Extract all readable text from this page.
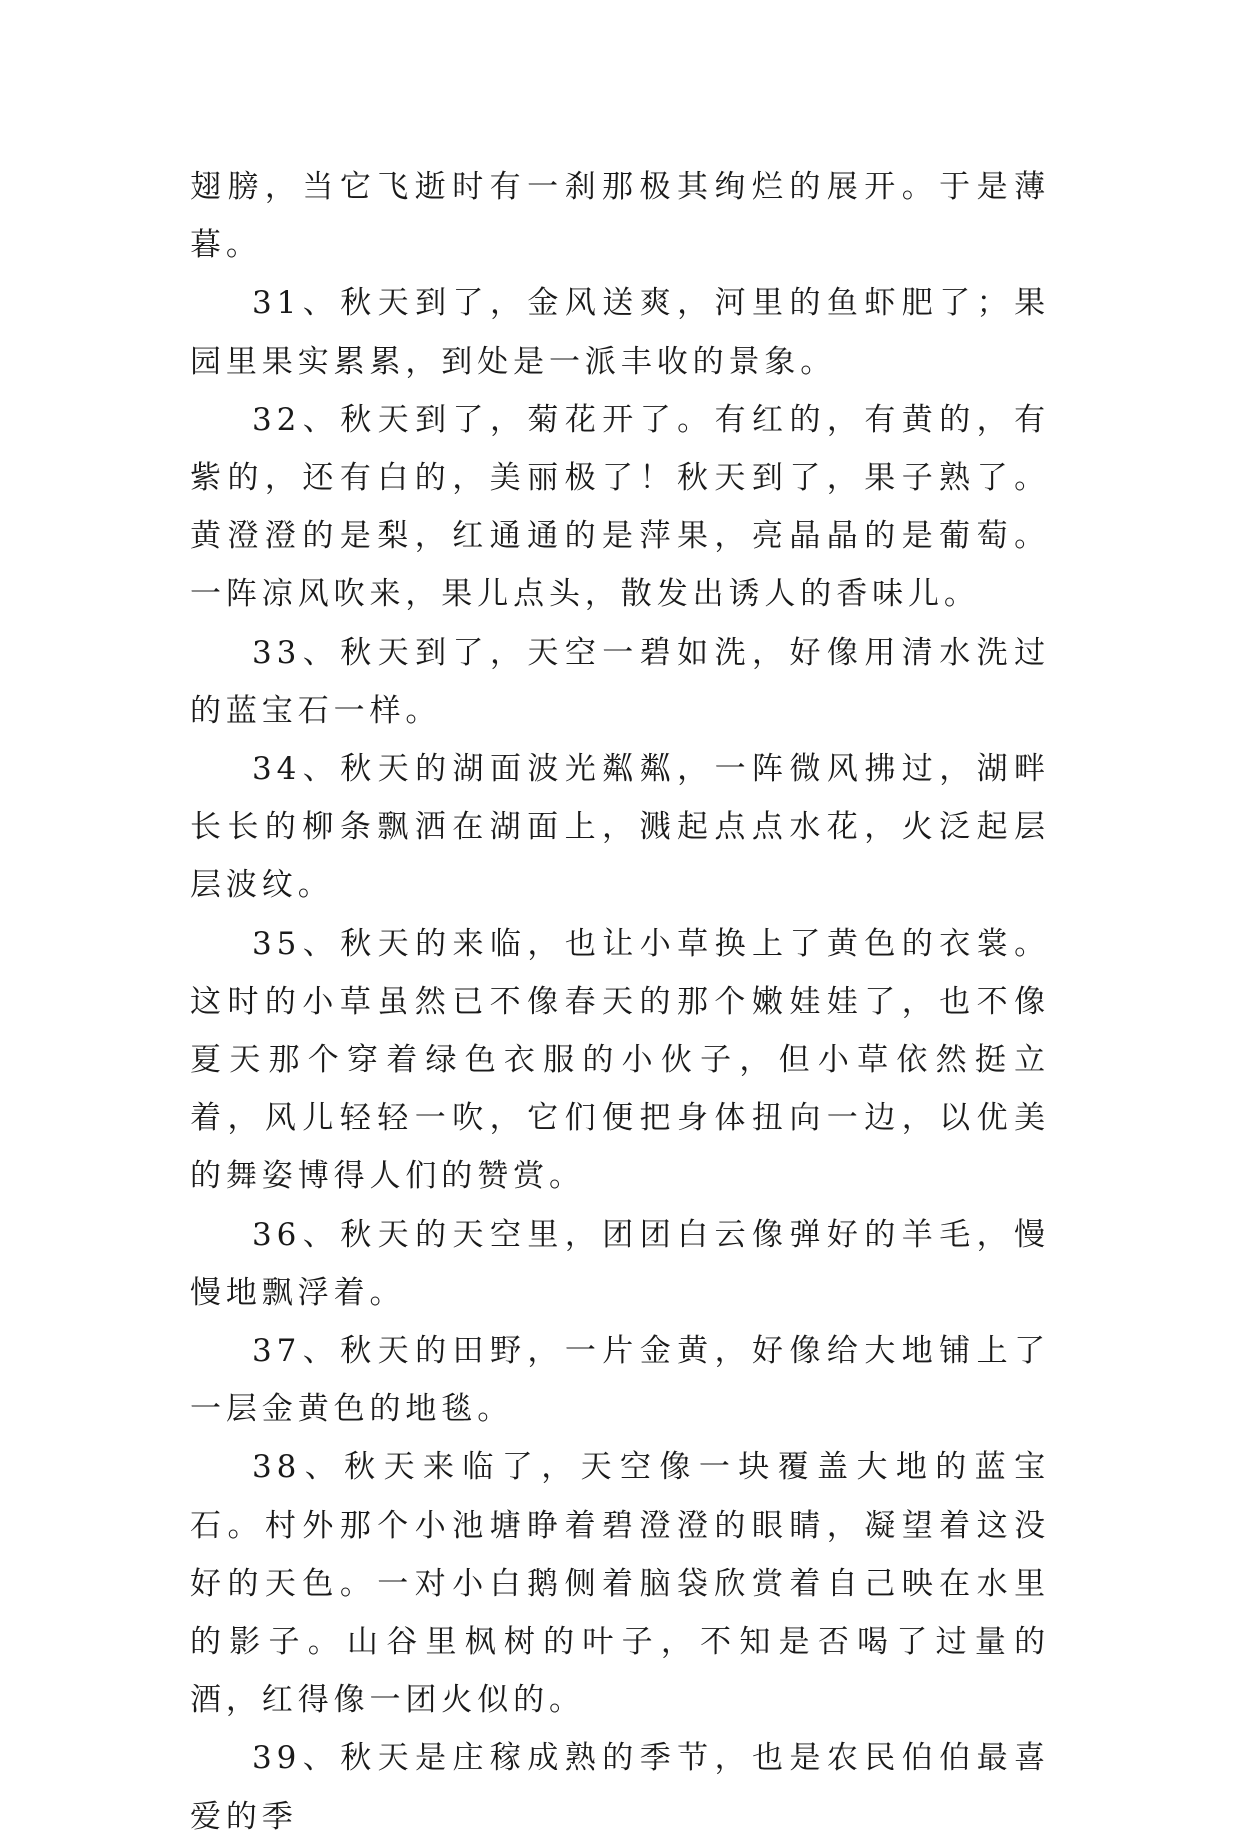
翅膀，当它飞逝时有一刹那极其绚烂的展开。于是薄暮。

31、秋天到了，金风送爽，河里的鱼虾肥了；果园里果实累累，到处是一派丰收的景象。

32、秋天到了，菊花开了。有红的，有黄的，有紫的，还有白的，美丽极了！秋天到了，果子熟了。黄澄澄的是梨，红通通的是萍果，亮晶晶的是葡萄。一阵凉风吹来，果儿点头，散发出诱人的香味儿。

33、秋天到了，天空一碧如洗，好像用清水洗过的蓝宝石一样。

34、秋天的湖面波光粼粼，一阵微风拂过，湖畔长长的柳条飘洒在湖面上，溅起点点水花，火泛起层层波纹。

35、秋天的来临，也让小草换上了黄色的衣裳。这时的小草虽然已不像春天的那个嫩娃娃了，也不像夏天那个穿着绿色衣服的小伙子，但小草依然挺立着，风儿轻轻一吹，它们便把身体扭向一边，以优美的舞姿博得人们的赞赏。

36、秋天的天空里，团团白云像弹好的羊毛，慢慢地飘浮着。

37、秋天的田野，一片金黄，好像给大地铺上了一层金黄色的地毯。

38、秋天来临了，天空像一块覆盖大地的蓝宝石。村外那个小池塘睁着碧澄澄的眼睛，凝望着这没好的天色。一对小白鹅侧着脑袋欣赏着自己映在水里的影子。山谷里枫树的叶子，不知是否喝了过量的酒，红得像一团火似的。

39、秋天是庄稼成熟的季节，也是农民伯伯最喜爱的季
